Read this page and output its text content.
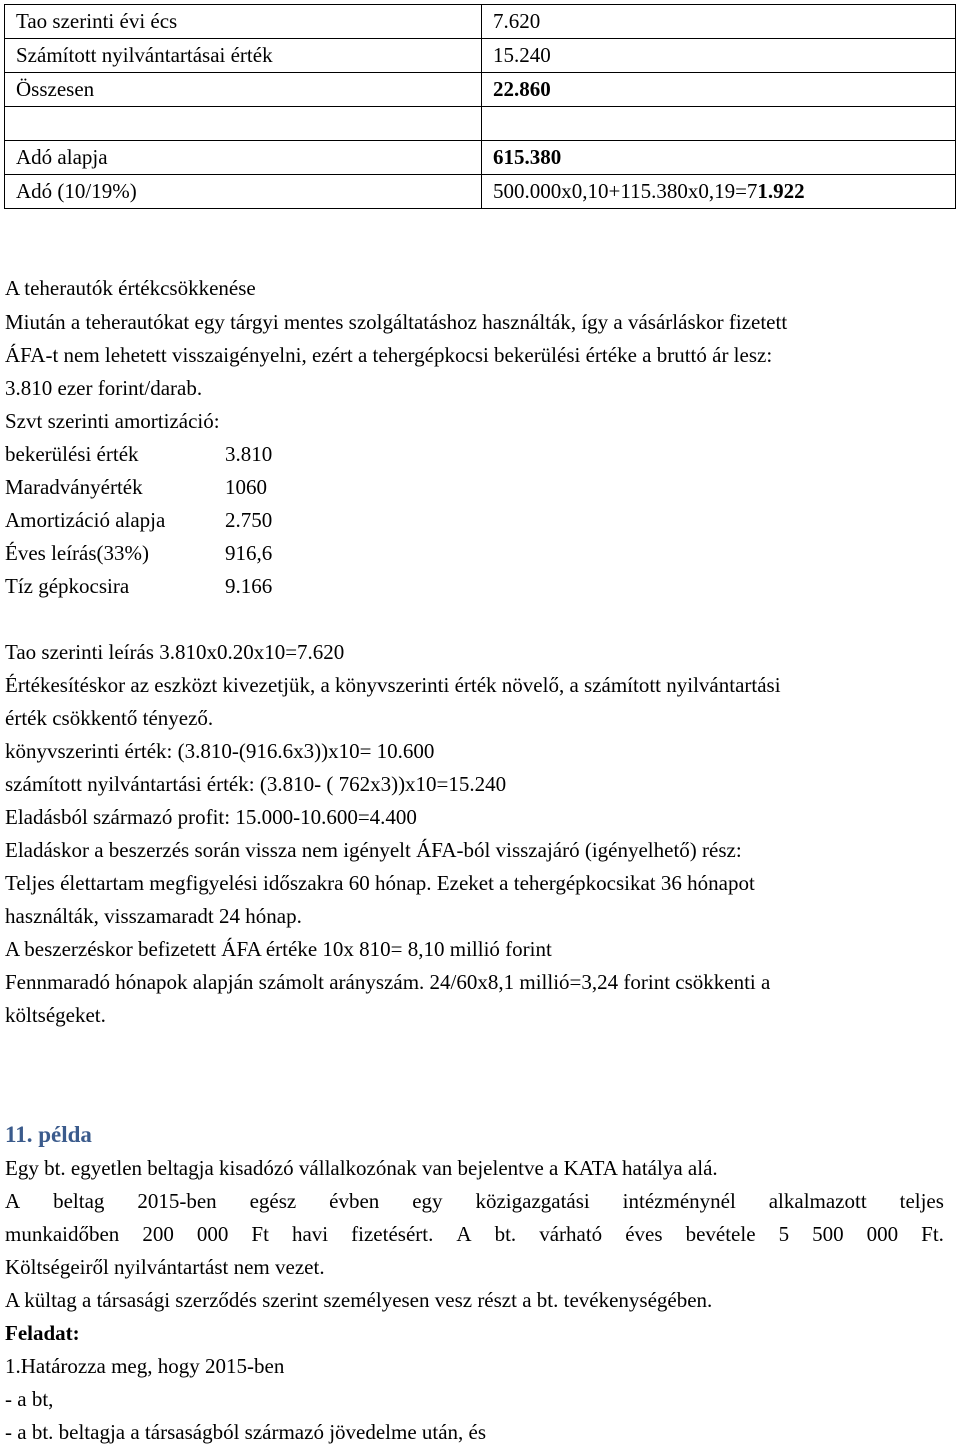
Tao szerinti évi écs	7.620
Számított nyilvántartásai érték	15.240
Összesen	22.860

Adó alapja	615.380
Adó (10/19%)	500.000x0,10+115.380x0,19=71.922
A teherautók értékcsökkenése
Miután a teherautókat egy tárgyi mentes szolgáltatáshoz használták, így a vásárláskor fizetett
ÁFA-t nem lehetett visszaigényelni, ezért a tehergépkocsi bekerülési értéke a bruttó ár lesz:
3.810 ezer forint/darab.
Szvt szerinti amortizáció:
bekerülési érték	3.810
Maradványérték	1060
Amortizáció alapja	2.750
Éves leírás(33%)	916,6
Tíz gépkocsira	9.166
Tao szerinti leírás 3.810x0.20x10=7.620
Értékesítéskor az eszközt kivezetjük, a könyvszerinti érték növelő, a számított nyilvántartási
érték csökkentő tényező.
könyvszerinti érték: (3.810-(916.6x3))x10= 10.600
számított nyilvántartási érték: (3.810- ( 762x3))x10=15.240
Eladásból származó profit: 15.000-10.600=4.400
Eladáskor a beszerzés során vissza nem igényelt ÁFA-ból visszajáró (igényelhető) rész:
Teljes élettartam megfigyelési időszakra 60 hónap. Ezeket a tehergépkocsikat 36 hónapot
használták, visszamaradt 24 hónap.
A beszerzéskor befizetett ÁFA értéke 10x 810= 8,10 millió forint
Fennmaradó hónapok alapján számolt arányszám. 24/60x8,1 millió=3,24 forint csökkenti a
költségeket.
11. példa
Egy bt. egyetlen beltagja kisadózó vállalkozónak van bejelentve a KATA hatálya alá.
A beltag 2015-ben egész évben egy közigazgatási intézménynél alkalmazott teljes
munkaidőben 200 000 Ft havi fizetésért. A bt. várható éves bevétele 5 500 000 Ft.
Költségeiről nyilvántartást nem vezet.
A kültag a társasági szerződés szerint személyesen vesz részt a bt. tevékenységében.
Feladat:
1.Határozza meg, hogy 2015-ben
- a bt,
- a bt. beltagja a társaságból származó jövedelme után, és
